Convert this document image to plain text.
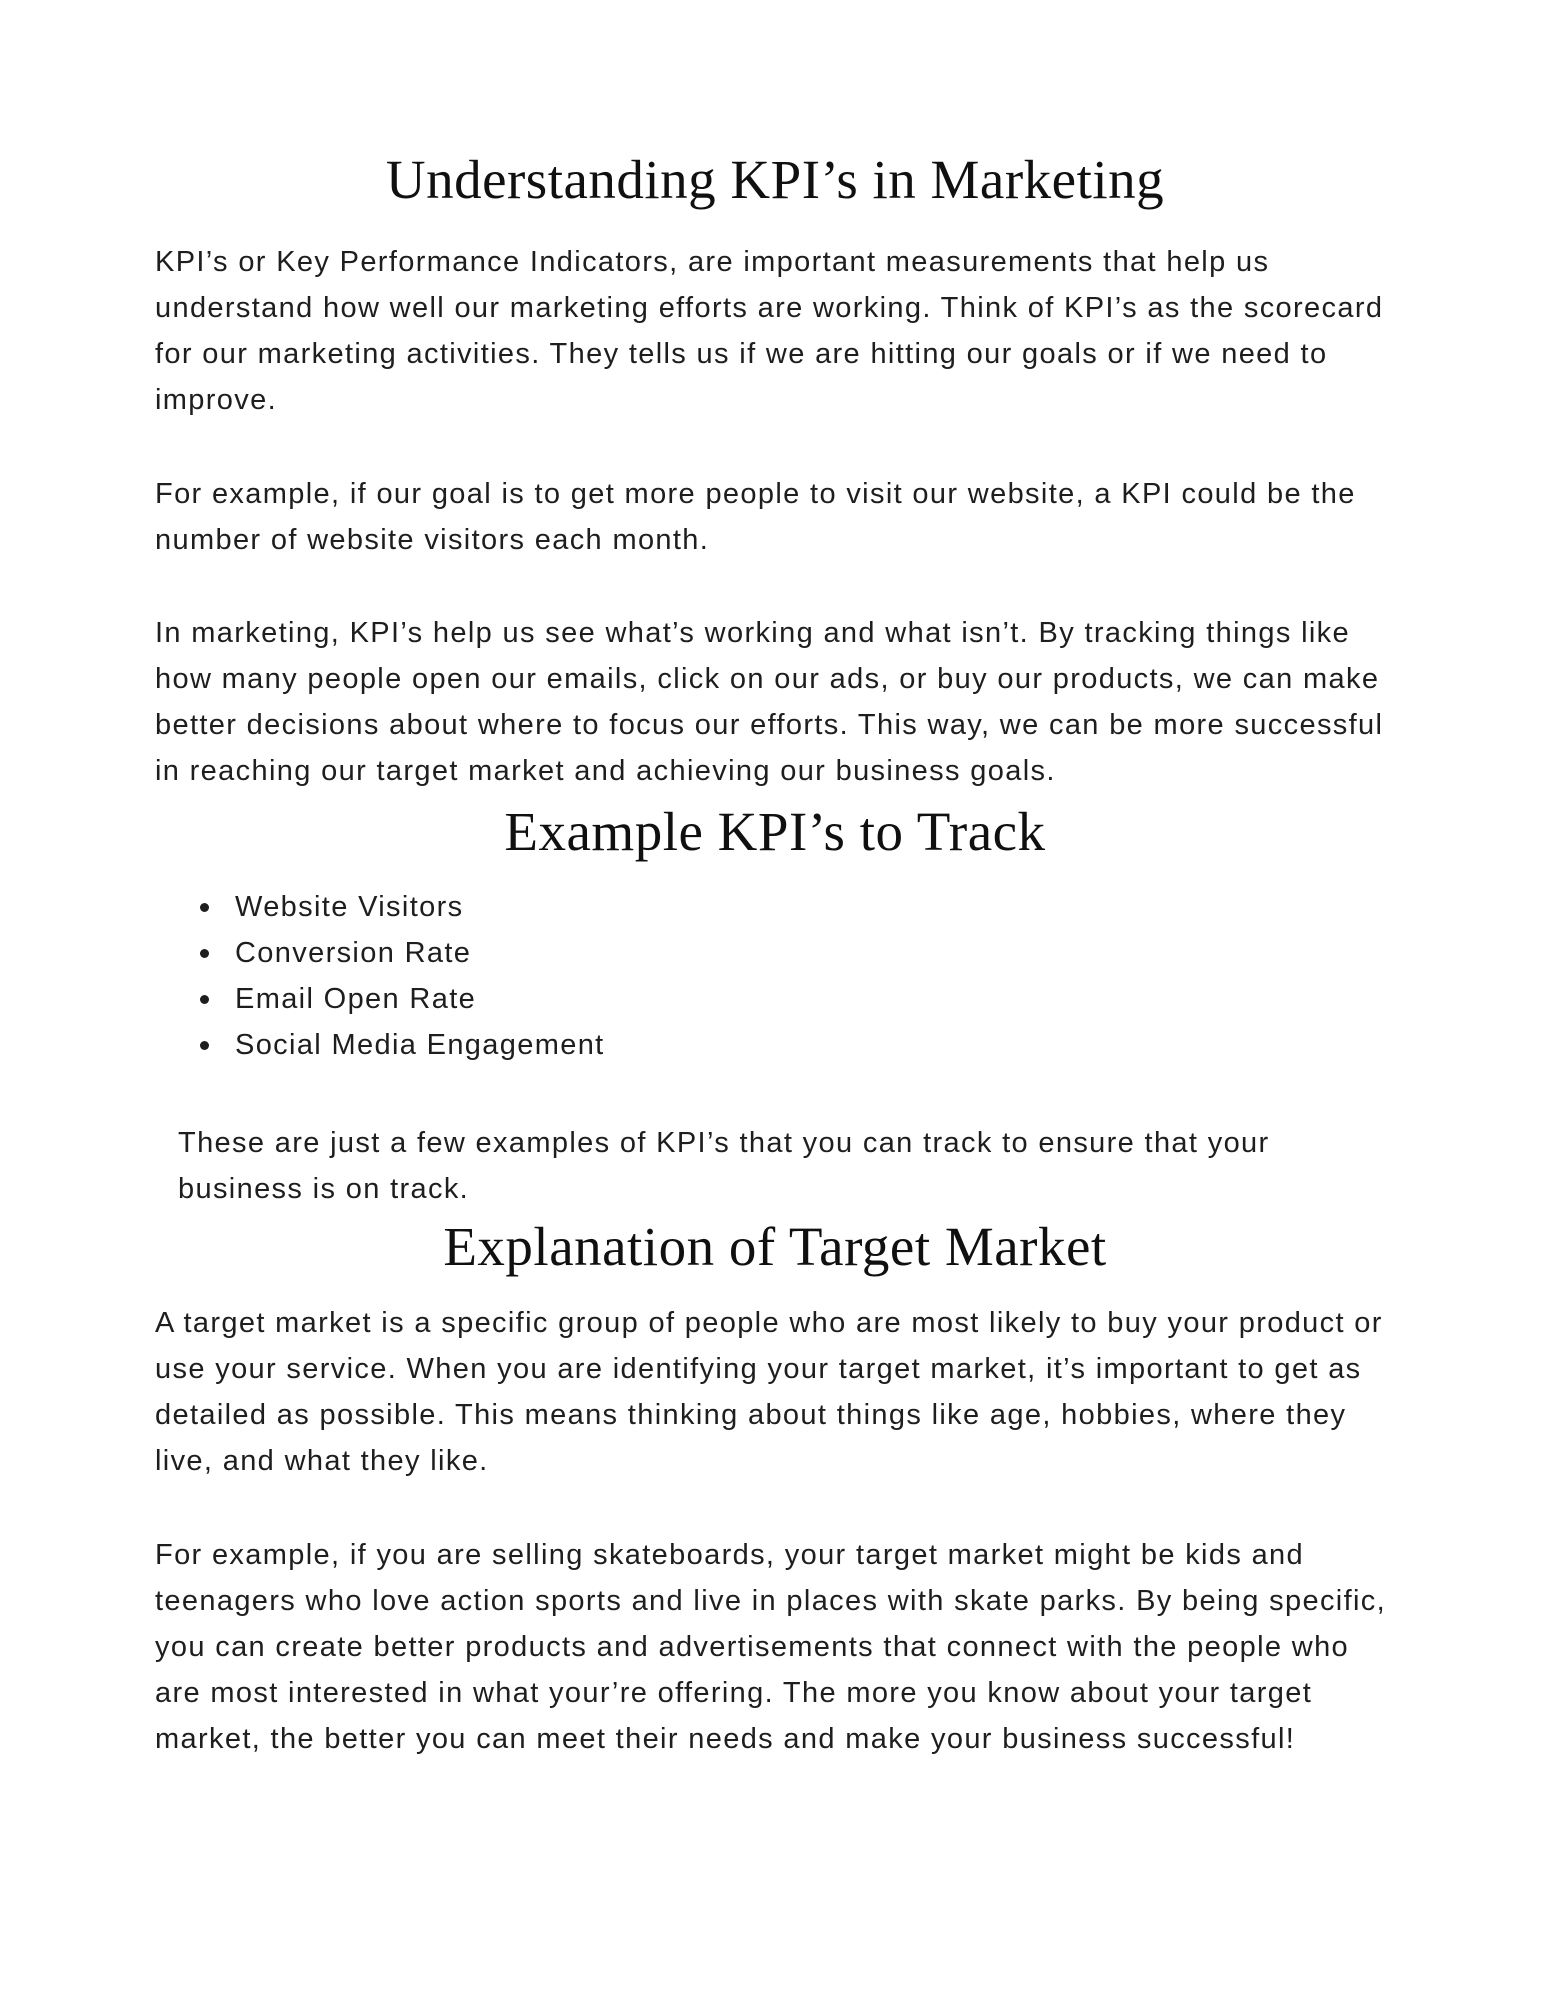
Understanding KPI’s in Marketing

KPI’s or Key Performance Indicators, are important measurements that help us understand how well our marketing efforts are working. Think of KPI’s as the scorecard for our marketing activities. They tells us if we are hitting our goals or if we need to improve.

For example, if our goal is to get more people to visit our website, a KPI could be the number of website visitors each month.

In marketing, KPI’s help us see what’s working and what isn’t. By tracking things like how many people open our emails, click on our ads, or buy our products, we can make better decisions about where to focus our efforts. This way, we can be more successful in reaching our target market and achieving our business goals.

Example KPI’s to Track
Website Visitors
Conversion Rate
Email Open Rate
Social Media Engagement

These are just a few examples of KPI’s that you can track to ensure that your business is on track.

Explanation of Target Market

A target market is a specific group of people who are most likely to buy your product or use your service. When you are identifying your target market, it’s important to get as detailed as possible. This means thinking about things like age, hobbies, where they live, and what they like.

For example, if you are selling skateboards, your target market might be kids and teenagers who love action sports and live in places with skate parks. By being specific, you can create better products and advertisements that connect with the people who are most interested in what your’re offering. The more you know about your target market, the better you can meet their needs and make your business successful!
